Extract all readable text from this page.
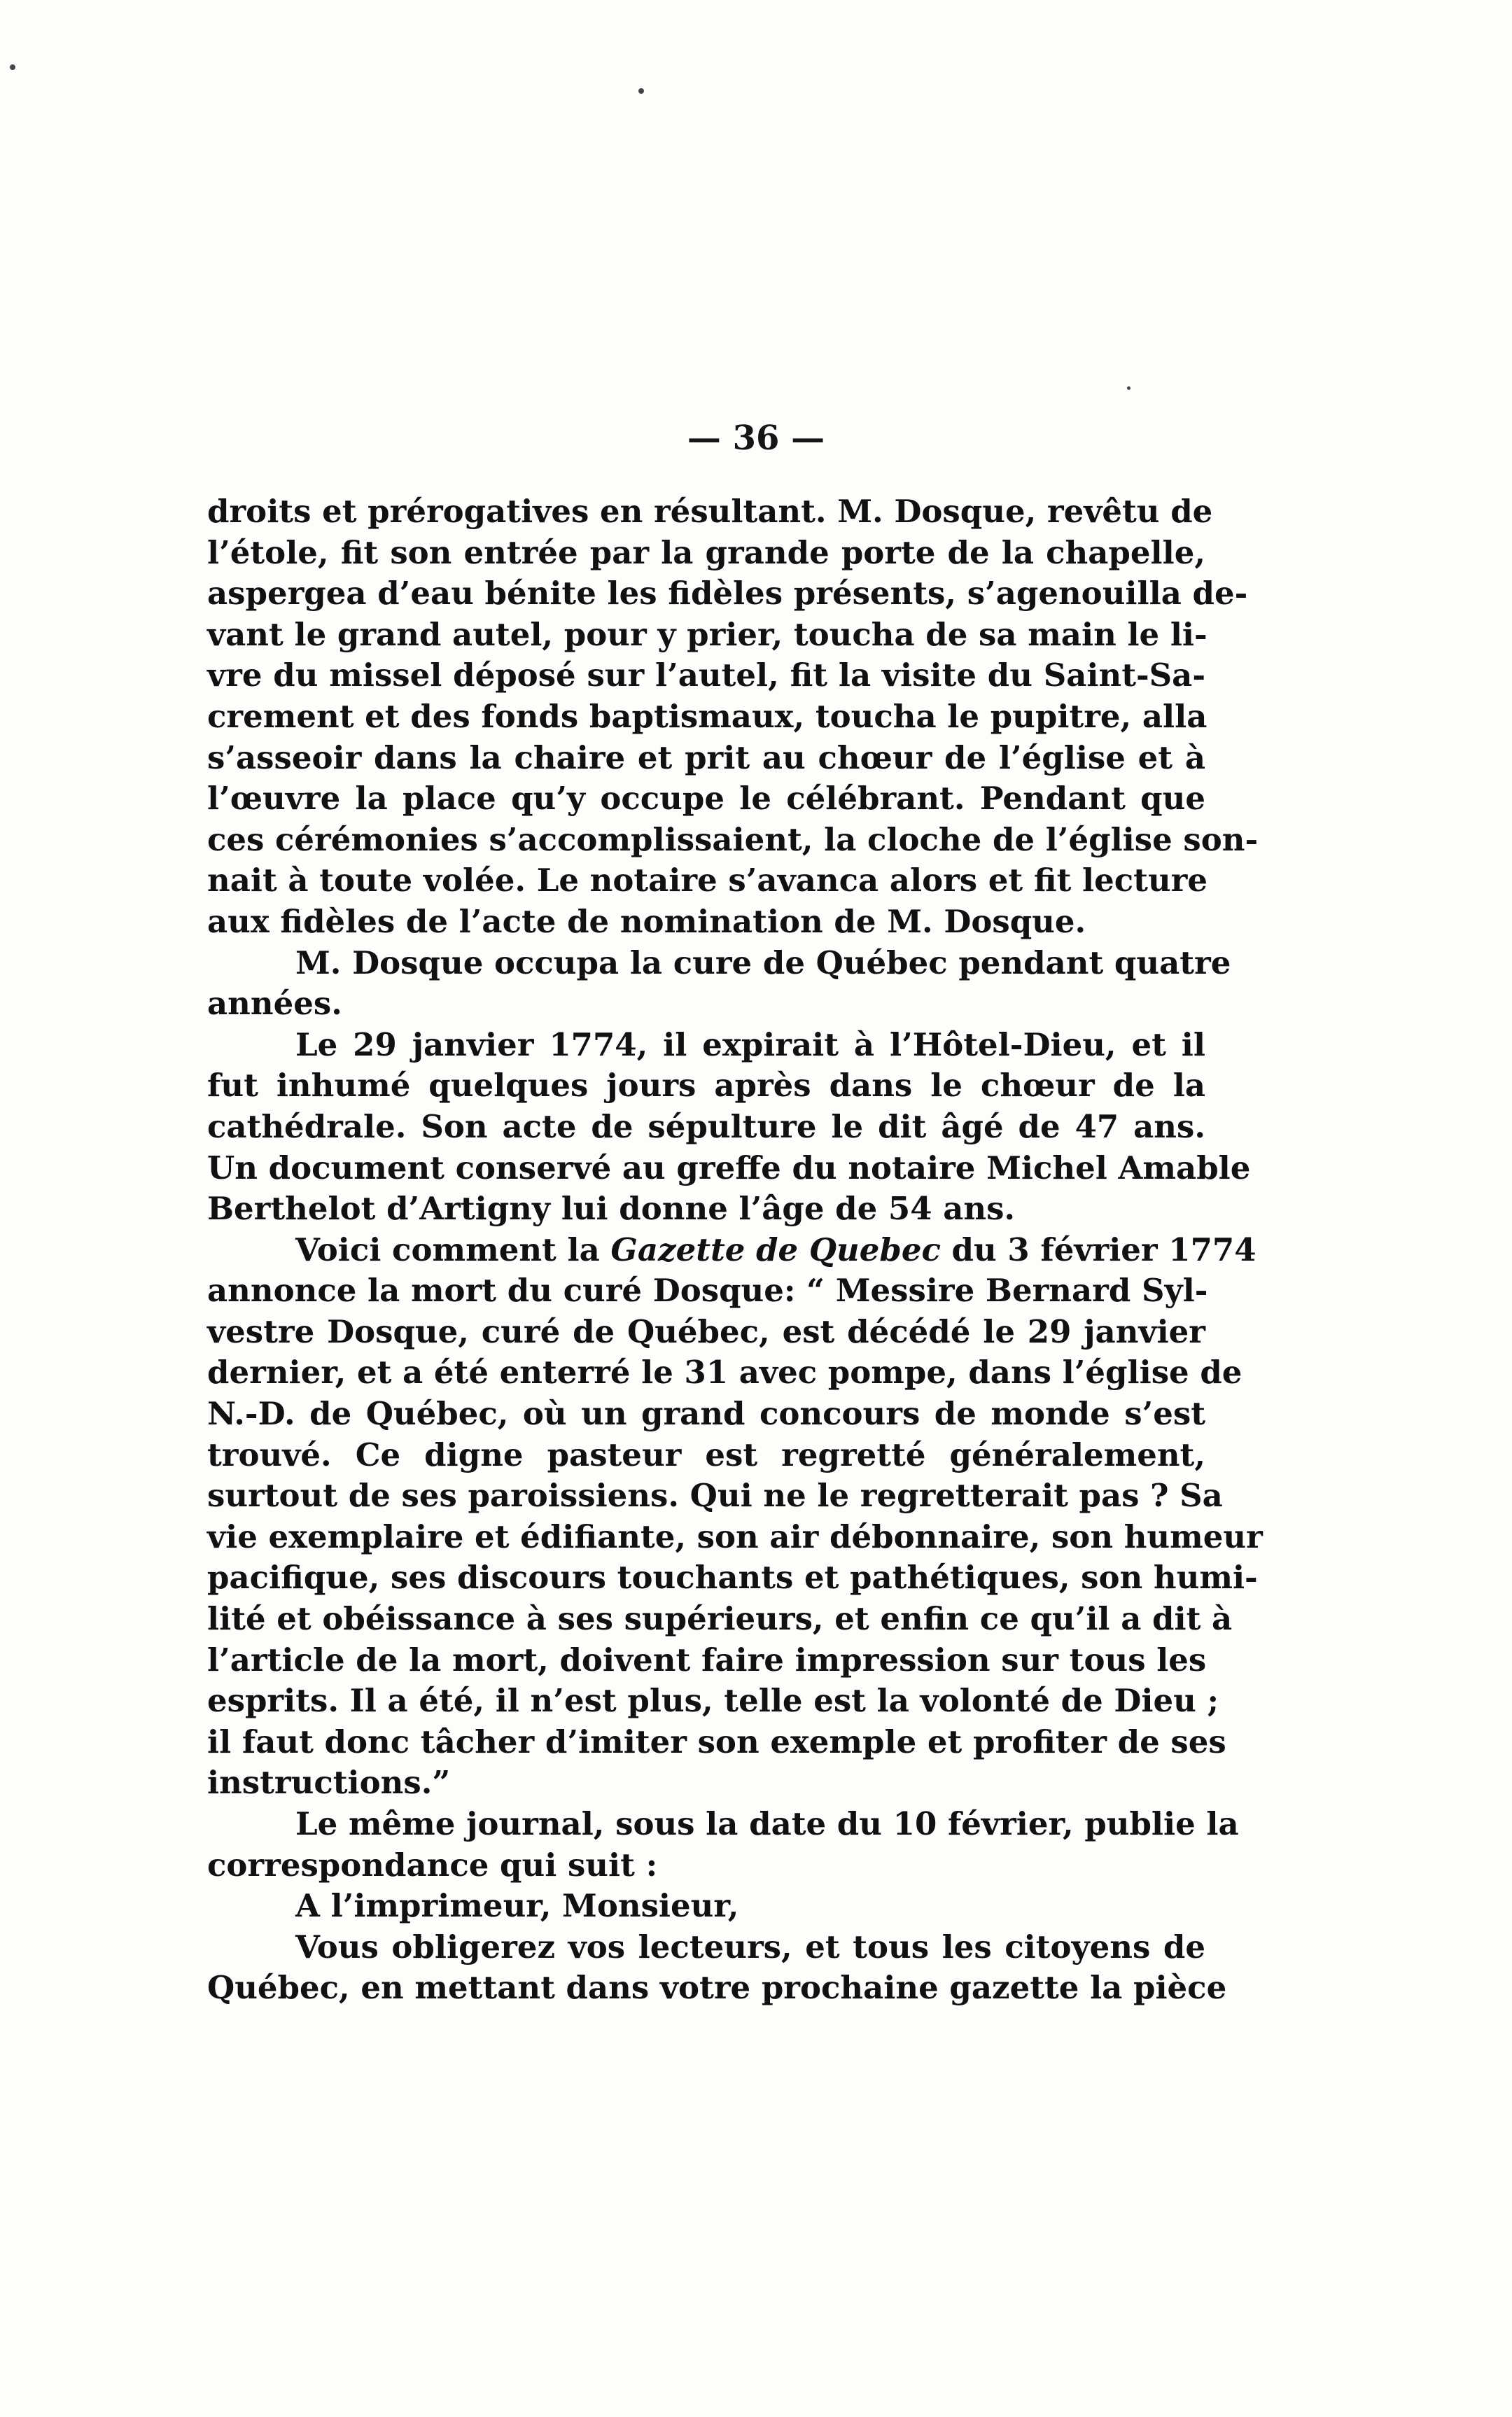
— 36 —
droits et prérogatives en résultant. M. Dosque, revêtu de
l’étole, fit son entrée par la grande porte de la chapelle,
aspergea d’eau bénite les fidèles présents, s’agenouilla de-
vant le grand autel, pour y prier, toucha de sa main le li-
vre du missel déposé sur l’autel, fit la visite du Saint-Sa-
crement et des fonds baptismaux, toucha le pupitre, alla
s’asseoir dans la chaire et prit au chœur de l’église et à
l’œuvre la place qu’y occupe le célébrant. Pendant que
ces cérémonies s’accomplissaient, la cloche de l’église son-
nait à toute volée. Le notaire s’avanca alors et fit lecture
aux fidèles de l’acte de nomination de M. Dosque.
M. Dosque occupa la cure de Québec pendant quatre
années.
Le 29 janvier 1774, il expirait à l’Hôtel-Dieu, et il
fut inhumé quelques jours après dans le chœur de la
cathédrale. Son acte de sépulture le dit âgé de 47 ans.
Un document conservé au greffe du notaire Michel Amable
Berthelot d’Artigny lui donne l’âge de 54 ans.
Voici comment la Gazette de Quebec du 3 février 1774
annonce la mort du curé Dosque: “ Messire Bernard Syl-
vestre Dosque, curé de Québec, est décédé le 29 janvier
dernier, et a été enterré le 31 avec pompe, dans l’église de
N.-D. de Québec, où un grand concours de monde s’est
trouvé. Ce digne pasteur est regretté généralement,
surtout de ses paroissiens. Qui ne le regretterait pas ? Sa
vie exemplaire et édifiante, son air débonnaire, son humeur
pacifique, ses discours touchants et pathétiques, son humi-
lité et obéissance à ses supérieurs, et enfin ce qu’il a dit à
l’article de la mort, doivent faire impression sur tous les
esprits. Il a été, il n’est plus, telle est la volonté de Dieu ;
il faut donc tâcher d’imiter son exemple et profiter de ses
instructions.”
Le même journal, sous la date du 10 février, publie la
correspondance qui suit :
A l’imprimeur, Monsieur,
Vous obligerez vos lecteurs, et tous les citoyens de
Québec, en mettant dans votre prochaine gazette la pièce
